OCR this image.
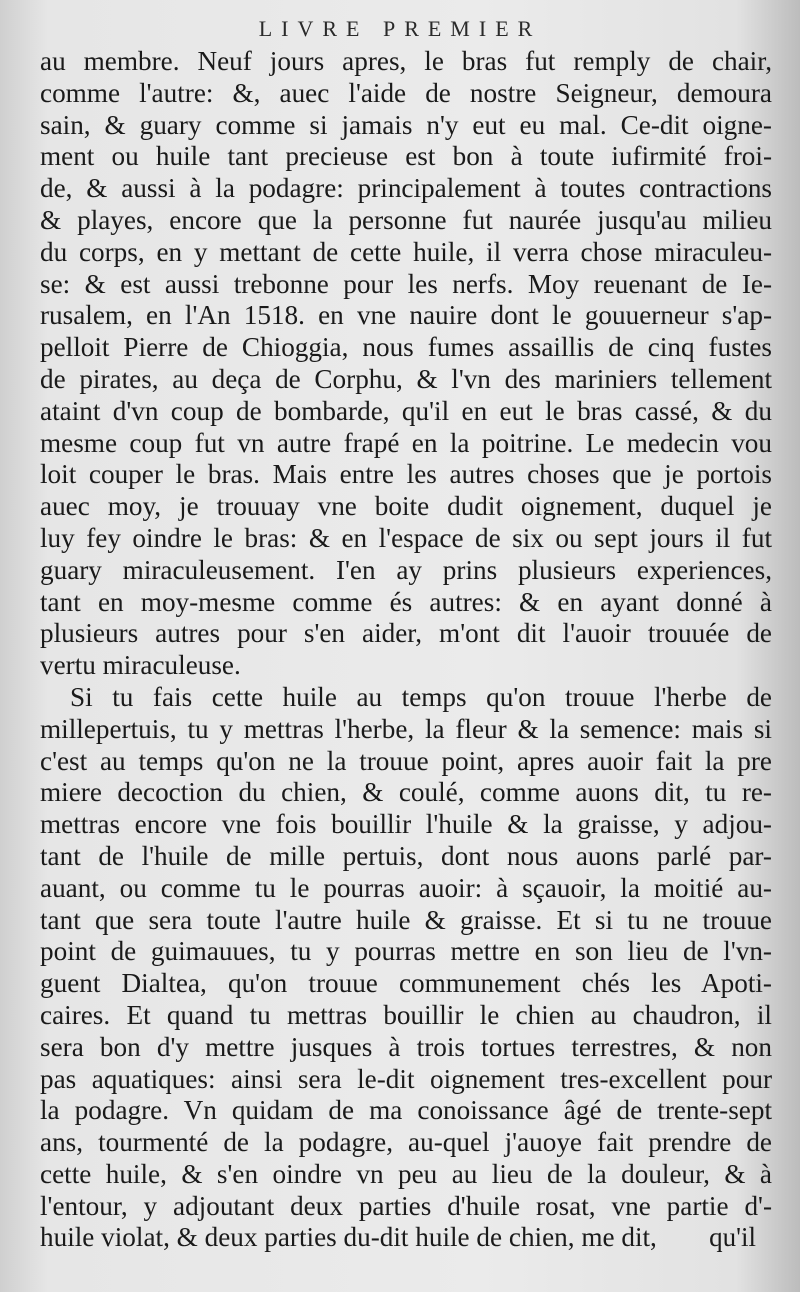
LIVRE PREMIER
au membre. Neuf jours apres, le bras fut remply de chair,
comme l'autre: &, auec l'aide de nostre Seigneur, demoura
sain, & guary comme si jamais n'y eut eu mal. Ce-dit oigne-
ment ou huile tant precieuse est bon à toute iufirmité froi-
de, & aussi à la podagre: principalement à toutes contractions
& playes, encore que la personne fut naurée jusqu'au milieu
du corps, en y mettant de cette huile, il verra chose miraculeu-
se: & est aussi trebonne pour les nerfs. Moy reuenant de Ie-
rusalem, en l'An 1518. en vne nauire dont le gouuerneur s'ap-
pelloit Pierre de Chioggia, nous fumes assaillis de cinq fustes
de pirates, au deça de Corphu, & l'vn des mariniers tellement
ataint d'vn coup de bombarde, qu'il en eut le bras cassé, & du
mesme coup fut vn autre frapé en la poitrine. Le medecin vou
loit couper le bras. Mais entre les autres choses que je portois
auec moy, je trouuay vne boite dudit oignement, duquel je
luy fey oindre le bras: & en l'espace de six ou sept jours il fut
guary miraculeusement. I'en ay prins plusieurs experiences,
tant en moy-mesme comme és autres: & en ayant donné à
plusieurs autres pour s'en aider, m'ont dit l'auoir trouuée de
vertu miraculeuse.
Si tu fais cette huile au temps qu'on trouue l'herbe de
millepertuis, tu y mettras l'herbe, la fleur & la semence: mais si
c'est au temps qu'on ne la trouue point, apres auoir fait la pre
miere decoction du chien, & coulé, comme auons dit, tu re-
mettras encore vne fois bouillir l'huile & la graisse, y adjou-
tant de l'huile de mille pertuis, dont nous auons parlé par-
auant, ou comme tu le pourras auoir: à sçauoir, la moitié au-
tant que sera toute l'autre huile & graisse. Et si tu ne trouue
point de guimauues, tu y pourras mettre en son lieu de l'vn-
guent Dialtea, qu'on trouue communement chés les Apoti-
caires. Et quand tu mettras bouillir le chien au chaudron, il
sera bon d'y mettre jusques à trois tortues terrestres, & non
pas aquatiques: ainsi sera le-dit oignement tres-excellent pour
la podagre. Vn quidam de ma conoissance âgé de trente-sept
ans, tourmenté de la podagre, au-quel j'auoye fait prendre de
cette huile, & s'en oindre vn peu au lieu de la douleur, & à
l'entour, y adjoutant deux parties d'huile rosat, vne partie d'-
huile violat, & deux parties du-dit huile de chien, me dit,	qu'il
